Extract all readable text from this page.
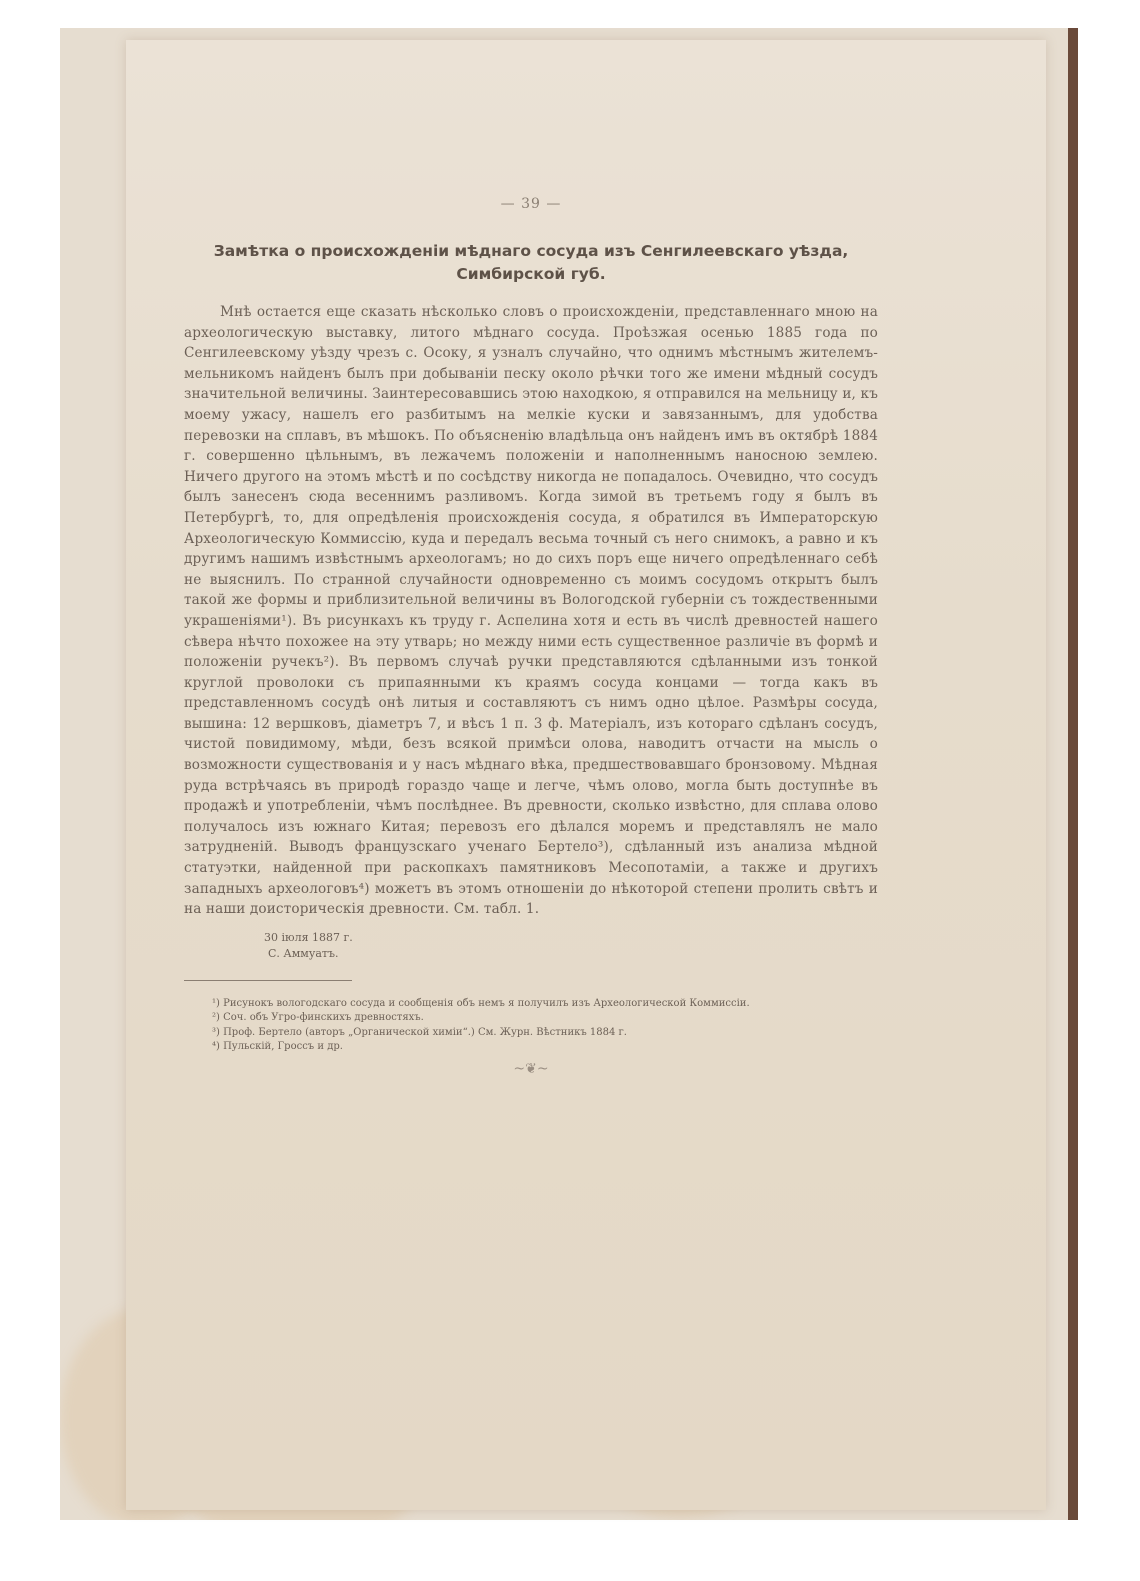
— 39 —
Замѣтка о происхожденіи мѣднаго сосуда изъ Сенгилеевскаго уѣзда, Симбирской губ.

Мнѣ остается еще сказать нѣсколько словъ о происхожденіи, представленнаго мною на археологическую выставку, литого мѣднаго сосуда. Проѣзжая осенью 1885 года по Сенгилеевскому уѣзду чрезъ с. Осоку, я узналъ случайно, что однимъ мѣстнымъ жителемъ-мельникомъ найденъ былъ при добываніи песку около рѣчки того же имени мѣдный сосудъ значительной величины. Заинтересовавшись этою находкою, я отправился на мельницу и, къ моему ужасу, нашелъ его разбитымъ на мелкіе куски и завязаннымъ, для удобства перевозки на сплавъ, въ мѣшокъ. По объясненію владѣльца онъ найденъ имъ въ октябрѣ 1884 г. совершенно цѣльнымъ, въ лежачемъ положеніи и наполненнымъ наносною землею. Ничего другого на этомъ мѣстѣ и по сосѣдству никогда не попадалось. Очевидно, что сосудъ былъ занесенъ сюда весеннимъ разливомъ. Когда зимой въ третьемъ году я былъ въ Петербургѣ, то, для опредѣленія происхожденія сосуда, я обратился въ Императорскую Археологическую Коммиссію, куда и передалъ весьма точный съ него снимокъ, а равно и къ другимъ нашимъ извѣстнымъ археологамъ; но до сихъ поръ еще ничего опредѣленнаго себѣ не выяснилъ. По странной случайности одновременно съ моимъ сосудомъ открытъ былъ такой же формы и приблизительной величины въ Вологодской губерніи съ тождественными украшеніями¹). Въ рисункахъ къ труду г. Аспелина хотя и есть въ числѣ древностей нашего сѣвера нѣчто похожее на эту утварь; но между ними есть существенное различіе въ формѣ и положеніи ручекъ²). Въ первомъ случаѣ ручки представляются сдѣланными изъ тонкой круглой проволоки съ припаянными къ краямъ сосуда концами — тогда какъ въ представленномъ сосудѣ онѣ литыя и составляютъ съ нимъ одно цѣлое. Размѣры сосуда, вышина: 12 вершковъ, діаметръ 7, и вѣсъ 1 п. 3 ф. Матеріалъ, изъ котораго сдѣланъ сосудъ, чистой повидимому, мѣди, безъ всякой примѣси олова, наводитъ отчасти на мысль о возможности существованія и у насъ мѣднаго вѣка, предшествовавшаго бронзовому. Мѣдная руда встрѣчаясь въ природѣ гораздо чаще и легче, чѣмъ олово, могла быть доступнѣе въ продажѣ и употребленіи, чѣмъ послѣднее. Въ древности, сколько извѣстно, для сплава олово получалось изъ южнаго Китая; перевозъ его дѣлался моремъ и представлялъ не мало затрудненій. Выводъ французскаго ученаго Бертело³), сдѣланный изъ анализа мѣдной статуэтки, найденной при раскопкахъ памятниковъ Месопотаміи, а также и другихъ западныхъ археологовъ⁴) можетъ въ этомъ отношеніи до нѣкоторой степени пролить свѣтъ и на наши доисторическія древности. См. табл. 1.

30 іюля 1887 г.
С. Аммуатъ.

¹) Рисунокъ вологодскаго сосуда и сообщенія объ немъ я получилъ изъ Археологической Коммиссіи.

²) Соч. объ Угро-финскихъ древностяхъ.

³) Проф. Бертело (авторъ „Органической химіи“.) См. Журн. Вѣстникъ 1884 г.

⁴) Пульскій, Гроссъ и др.

~❦~
